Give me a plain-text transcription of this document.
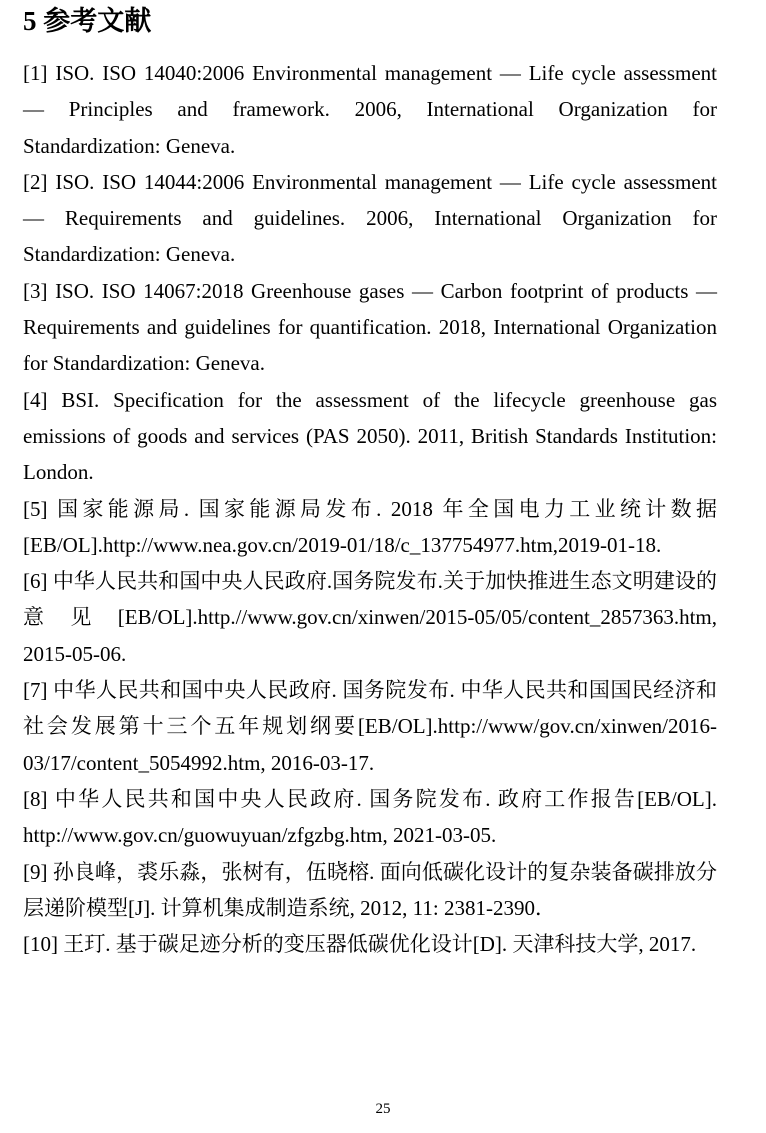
5 参考文献

[1] ISO. ISO 14040:2006 Environmental management — Life cycle assessment — Principles and framework. 2006, International Organization for Standardization: Geneva.

[2] ISO. ISO 14044:2006 Environmental management — Life cycle assessment — Requirements and guidelines. 2006, International Organization for Standardization: Geneva.

[3] ISO. ISO 14067:2018 Greenhouse gases — Carbon footprint of products — Requirements and guidelines for quantification. 2018, International Organization for Standardization: Geneva.

[4] BSI. Specification for the assessment of the lifecycle greenhouse gas emissions of goods and services (PAS 2050). 2011, British Standards Institution: London.

[5] 国家能源局. 国家能源局发布. 2018 年全国电力工业统计数据[EB/OL].http://www.nea.gov.cn/2019-01/18/c_137754977.htm,2019-01-18.

[6] 中华人民共和国中央人民政府.国务院发布.关于加快推进生态文明建设的意见[EB/OL].http.//www.gov.cn/xinwen/2015-05/05/content_2857363.htm, 2015-05-06.

[7] 中华人民共和国中央人民政府. 国务院发布. 中华人民共和国国民经济和社会发展第十三个五年规划纲要[EB/OL].http://www/gov.cn/xinwen/2016-03/17/content_5054992.htm, 2016-03-17.

[8] 中华人民共和国中央人民政府. 国务院发布. 政府工作报告[EB/OL]. http://www.gov.cn/guowuyuan/zfgzbg.htm, 2021-03-05.

[9] 孙良峰，裘乐淼，张树有，伍晓榕. 面向低碳化设计的复杂装备碳排放分层递阶模型[J]. 计算机集成制造系统, 2012, 11: 2381-2390．

[10] 王玎. 基于碳足迹分析的变压器低碳优化设计[D]. 天津科技大学, 2017.

25
